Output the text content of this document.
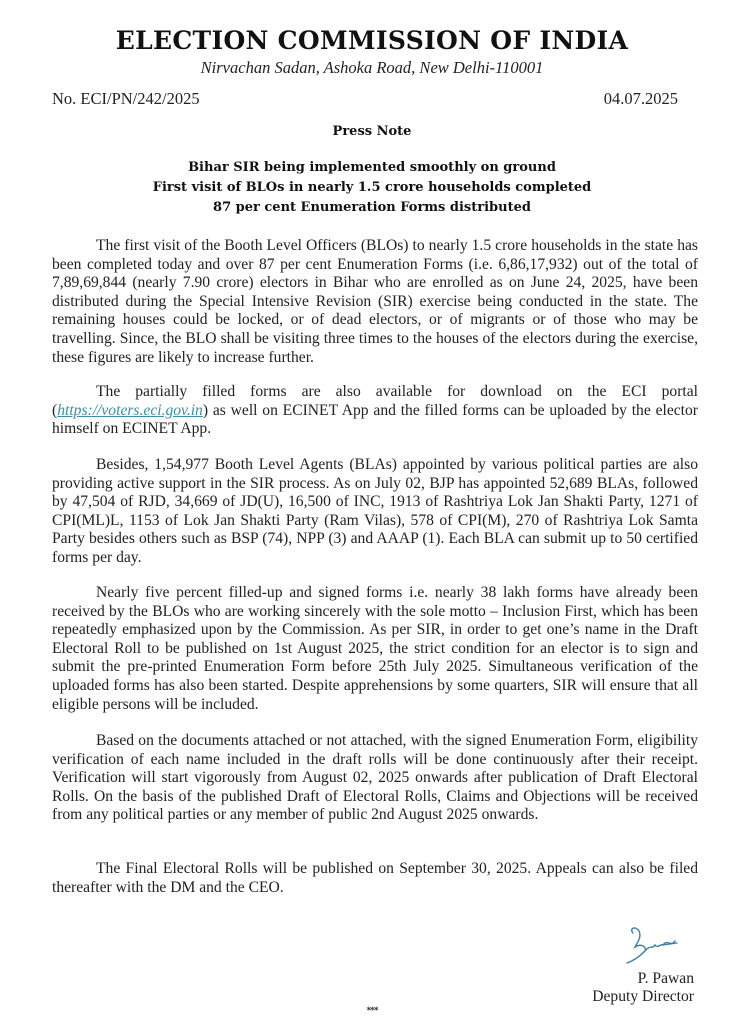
ELECTION COMMISSION OF INDIA
Nirvachan Sadan, Ashoka Road, New Delhi-110001
No. ECI/PN/242/2025	04.07.2025
Press Note
Bihar SIR being implemented smoothly on ground
First visit of BLOs in nearly 1.5 crore households completed
87 per cent Enumeration Forms distributed

The first visit of the Booth Level Officers (BLOs) to nearly 1.5 crore households in the state has been completed today and over 87 per cent Enumeration Forms (i.e. 6,86,17,932) out of the total of 7,89,69,844 (nearly 7.90 crore) electors in Bihar who are enrolled as on June 24, 2025, have been distributed during the Special Intensive Revision (SIR) exercise being conducted in the state. The remaining houses could be locked, or of dead electors, or of migrants or of those who may be travelling. Since, the BLO shall be visiting three times to the houses of the electors during the exercise, these figures are likely to increase further.

The partially filled forms are also available for download on the ECI portal (https://voters.eci.gov.in) as well on ECINET App and the filled forms can be uploaded by the elector himself on ECINET App.

Besides, 1,54,977 Booth Level Agents (BLAs) appointed by various political parties are also providing active support in the SIR process. As on July 02, BJP has appointed 52,689 BLAs, followed by 47,504 of RJD, 34,669 of JD(U), 16,500 of INC, 1913 of Rashtriya Lok Jan Shakti Party, 1271 of CPI(ML)L, 1153 of Lok Jan Shakti Party (Ram Vilas), 578 of CPI(M), 270 of Rashtriya Lok Samta Party besides others such as BSP (74), NPP (3) and AAAP (1). Each BLA can submit up to 50 certified forms per day.

Nearly five percent filled-up and signed forms i.e. nearly 38 lakh forms have already been received by the BLOs who are working sincerely with the sole motto – Inclusion First, which has been repeatedly emphasized upon by the Commission. As per SIR, in order to get one’s name in the Draft Electoral Roll to be published on 1st August 2025, the strict condition for an elector is to sign and submit the pre-printed Enumeration Form before 25th July 2025. Simultaneous verification of the uploaded forms has also been started. Despite apprehensions by some quarters, SIR will ensure that all eligible persons will be included.

Based on the documents attached or not attached, with the signed Enumeration Form, eligibility verification of each name included in the draft rolls will be done continuously after their receipt. Verification will start vigorously from August 02, 2025 onwards after publication of Draft Electoral Rolls. On the basis of the published Draft of Electoral Rolls, Claims and Objections will be received from any political parties or any member of public 2nd August 2025 onwards.

The Final Electoral Rolls will be published on September 30, 2025. Appeals can also be filed thereafter with the DM and the CEO.

P. Pawan
Deputy Director
***
